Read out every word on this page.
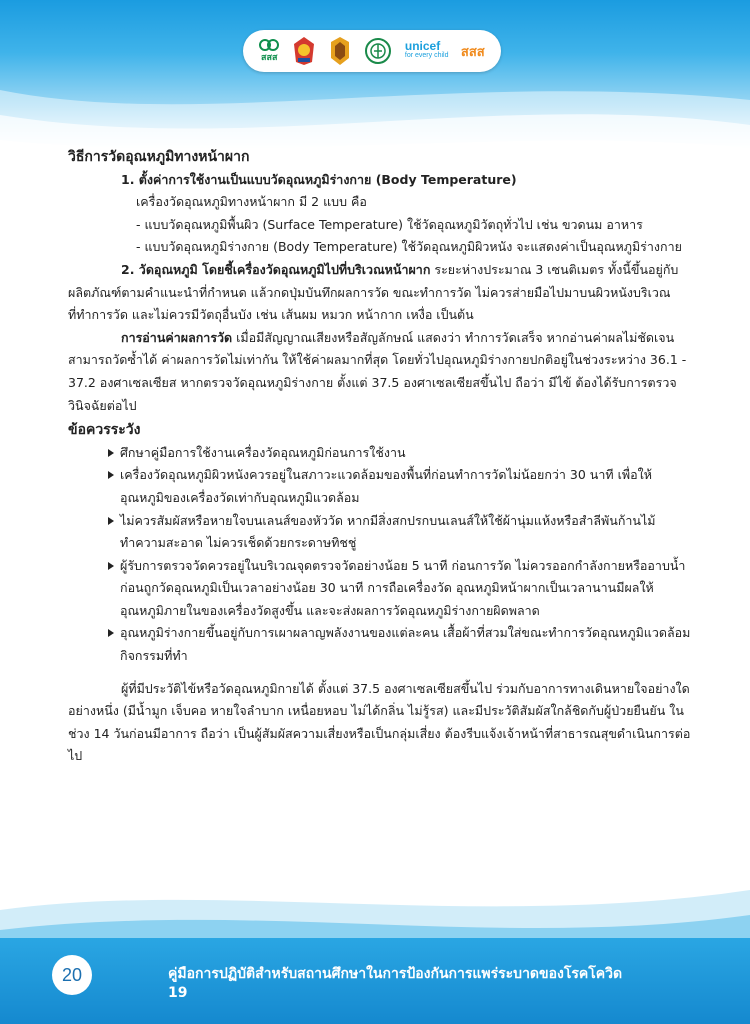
สสส
unicef
for every child สสส

วิธีการวัดอุณหภูมิทางหน้าผาก

1. ตั้งค่าการใช้งานเป็นแบบวัดอุณหภูมิร่างกาย (Body Temperature)

เครื่องวัดอุณหภูมิทางหน้าผาก มี 2 แบบ คือ

- แบบวัดอุณหภูมิพื้นผิว (Surface Temperature) ใช้วัดอุณหภูมิวัตถุทั่วไป เช่น ขวดนม อาหาร

- แบบวัดอุณหภูมิร่างกาย (Body Temperature) ใช้วัดอุณหภูมิผิวหนัง จะแสดงค่าเป็นอุณหภูมิร่างกาย

2. วัดอุณหภูมิ โดยชี้เครื่องวัดอุณหภูมิไปที่บริเวณหน้าผาก ระยะห่างประมาณ 3 เซนติเมตร ทั้งนี้ขึ้นอยู่กับผลิตภัณฑ์ตามคำแนะนำที่กำหนด แล้วกดปุ่มบันทึกผลการวัด ขณะทำการวัด ไม่ควรส่ายมือไปมาบนผิวหนังบริเวณที่ทำการวัด และไม่ควรมีวัตถุอื่นบัง เช่น เส้นผม หมวก หน้ากาก เหงื่อ เป็นต้น

การอ่านค่าผลการวัด เมื่อมีสัญญาณเสียงหรือสัญลักษณ์ แสดงว่า ทำการวัดเสร็จ หากอ่านค่าผลไม่ชัดเจน สามารถวัดซ้ำได้ ค่าผลการวัดไม่เท่ากัน ให้ใช้ค่าผลมากที่สุด โดยทั่วไปอุณหภูมิร่างกายปกติอยู่ในช่วงระหว่าง 36.1 - 37.2 องศาเซลเซียส หากตรวจวัดอุณหภูมิร่างกาย ตั้งแต่ 37.5 องศาเซลเซียสขึ้นไป ถือว่า มีไข้ ต้องได้รับการตรวจวินิจฉัยต่อไป

ข้อควรระวัง

ศึกษาคู่มือการใช้งานเครื่องวัดอุณหภูมิก่อนการใช้งาน
เครื่องวัดอุณหภูมิผิวหนังควรอยู่ในสภาวะแวดล้อมของพื้นที่ก่อนทำการวัดไม่น้อยกว่า 30 นาที เพื่อให้อุณหภูมิของเครื่องวัดเท่ากับอุณหภูมิแวดล้อม
ไม่ควรสัมผัสหรือหายใจบนเลนส์ของหัววัด หากมีสิ่งสกปรกบนเลนส์ให้ใช้ผ้านุ่มแห้งหรือสำลีพันก้านไม้ทำความสะอาด ไม่ควรเช็ดด้วยกระดาษทิชชู่
ผู้รับการตรวจวัดควรอยู่ในบริเวณจุดตรวจวัดอย่างน้อย 5 นาที ก่อนการวัด ไม่ควรออกกำลังกายหรืออาบน้ำ ก่อนถูกวัดอุณหภูมิเป็นเวลาอย่างน้อย 30 นาที การถือเครื่องวัด อุณหภูมิหน้าผากเป็นเวลานานมีผลให้อุณหภูมิภายในของเครื่องวัดสูงขึ้น และจะส่งผลการวัดอุณหภูมิร่างกายผิดพลาด
อุณหภูมิร่างกายขึ้นอยู่กับการเผาผลาญพลังงานของแต่ละคน เสื้อผ้าที่สวมใส่ขณะทำการวัดอุณหภูมิแวดล้อม กิจกรรมที่ทำ

ผู้ที่มีประวัติไข้หรือวัดอุณหภูมิกายได้ ตั้งแต่ 37.5 องศาเซลเซียสขึ้นไป ร่วมกับอาการทางเดินหายใจอย่างใดอย่างหนึ่ง (มีน้ำมูก เจ็บคอ หายใจลำบาก เหนื่อยหอบ ไม่ได้กลิ่น ไม่รู้รส) และมีประวัติสัมผัสใกล้ชิดกับผู้ป่วยยืนยัน ในช่วง 14 วันก่อนมีอาการ ถือว่า เป็นผู้สัมผัสความเสี่ยงหรือเป็นกลุ่มเสี่ยง ต้องรีบแจ้งเจ้าหน้าที่สาธารณสุขดำเนินการต่อไป

20	คู่มือการปฏิบัติสำหรับสถานศึกษาในการป้องกันการแพร่ระบาดของโรคโควิด 19
